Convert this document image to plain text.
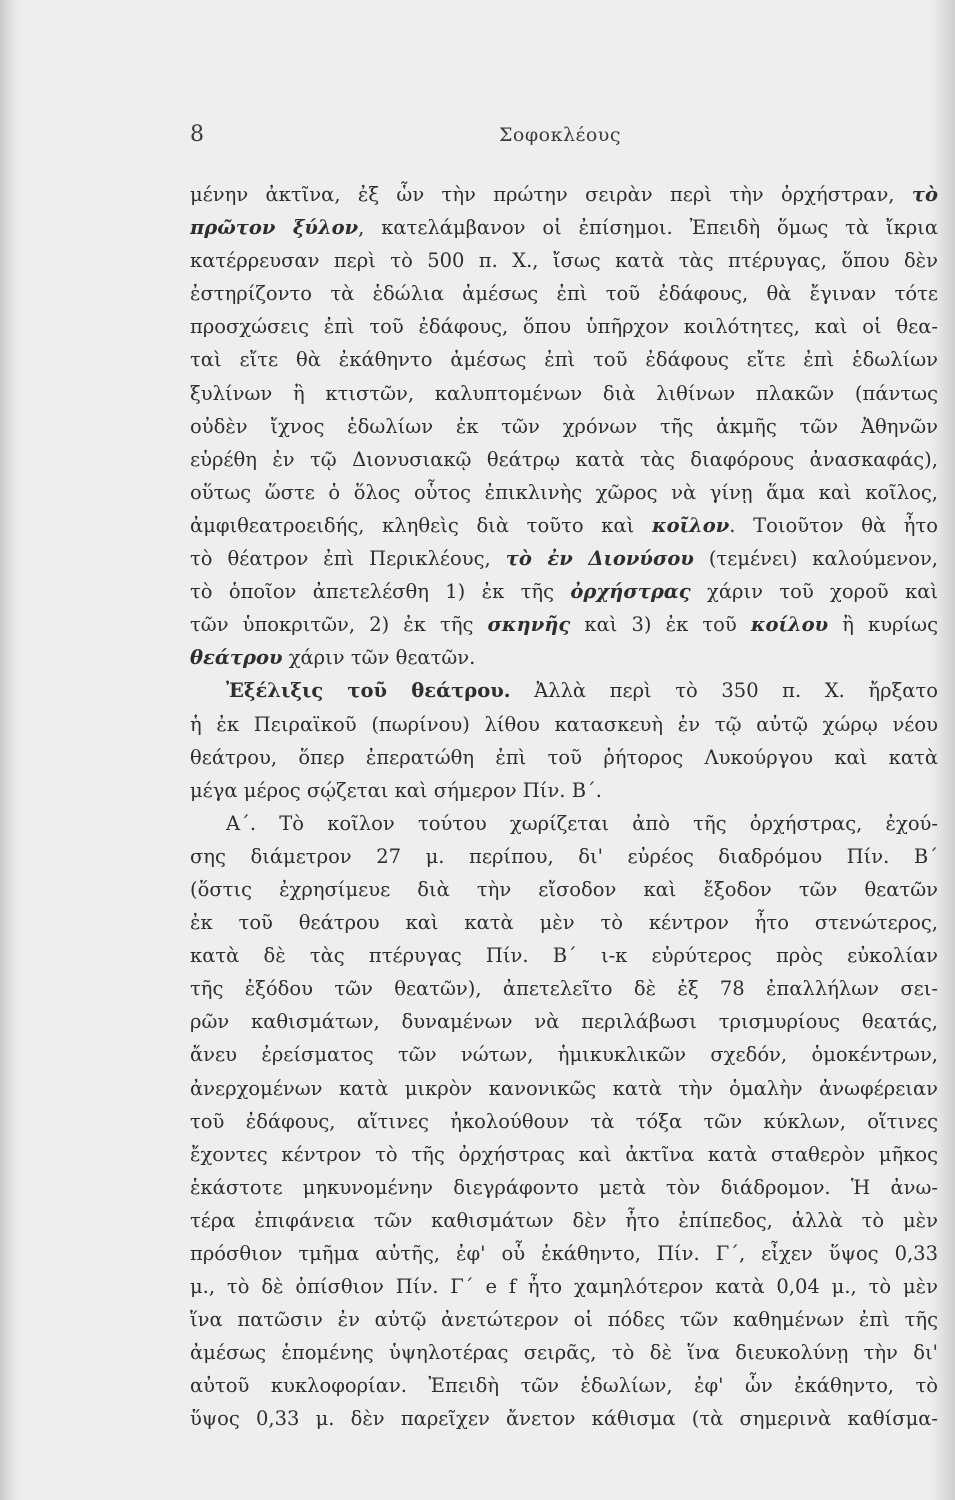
8	Σοφοκλέους
μένην ἀκτῖνα, ἐξ ὧν τὴν πρώτην σειρὰν περὶ τὴν ὀρχήστραν, τὸ
πρῶτον ξύλον, κατελάμβανον οἱ ἐπίσημοι. Ἐπειδὴ ὅμως τὰ ἴκρια
κατέρρευσαν περὶ τὸ 500 π. Χ., ἴσως κατὰ τὰς πτέρυγας, ὅπου δὲν
ἐστηρίζοντο τὰ ἑδώλια ἀμέσως ἐπὶ τοῦ ἐδάφους, θὰ ἔγιναν τότε
προσχώσεις ἐπὶ τοῦ ἐδάφους, ὅπου ὑπῆρχον κοιλότητες, καὶ οἱ θεα-
ταὶ εἴτε θὰ ἐκάθηντο ἀμέσως ἐπὶ τοῦ ἐδάφους εἴτε ἐπὶ ἑδωλίων
ξυλίνων ἢ κτιστῶν, καλυπτομένων διὰ λιθίνων πλακῶν (πάντως
οὐδὲν ἴχνος ἑδωλίων ἐκ τῶν χρόνων τῆς ἀκμῆς τῶν Ἀθηνῶν
εὑρέθη ἐν τῷ Διονυσιακῷ θεάτρῳ κατὰ τὰς διαφόρους ἀνασκαφάς),
οὕτως ὥστε ὁ ὅλος οὗτος ἐπικλινὴς χῶρος νὰ γίνῃ ἅμα καὶ κοῖλος,
ἀμφιθεατροειδής, κληθεὶς διὰ τοῦτο καὶ κοῖλον. Τοιοῦτον θὰ ἦτο
τὸ θέατρον ἐπὶ Περικλέους, τὸ ἐν Διονύσου (τεμένει) καλούμενον,
τὸ ὁποῖον ἀπετελέσθη 1) ἐκ τῆς ὀρχήστρας χάριν τοῦ χοροῦ καὶ
τῶν ὑποκριτῶν, 2) ἐκ τῆς σκηνῆς καὶ 3) ἐκ τοῦ κοίλου ἢ κυρίως
θεάτρου χάριν τῶν θεατῶν.
Ἐξέλιξις τοῦ θεάτρου. Ἀλλὰ περὶ τὸ 350 π. Χ. ἤρξατο
ἡ ἐκ Πειραϊκοῦ (πωρίνου) λίθου κατασκευὴ ἐν τῷ αὐτῷ χώρῳ νέου
θεάτρου, ὅπερ ἐπερατώθη ἐπὶ τοῦ ῥήτορος Λυκούργου καὶ κατὰ
μέγα μέρος σῴζεται καὶ σήμερον Πίν. Β΄.
Α΄. Τὸ κοῖλον τούτου χωρίζεται ἀπὸ τῆς ὀρχήστρας, ἐχού-
σης διάμετρον 27 μ. περίπου, δι' εὐρέος διαδρόμου Πίν. Β΄
(ὅστις ἐχρησίμευε διὰ τὴν εἴσοδον καὶ ἔξοδον τῶν θεατῶν
ἐκ τοῦ θεάτρου καὶ κατὰ μὲν τὸ κέντρον ἦτο στενώτερος,
κατὰ δὲ τὰς πτέρυγας Πίν. Β΄ ι-κ εὐρύτερος πρὸς εὐκολίαν
τῆς ἐξόδου τῶν θεατῶν), ἀπετελεῖτο δὲ ἐξ 78 ἐπαλλήλων σει-
ρῶν καθισμάτων, δυναμένων νὰ περιλάβωσι τρισμυρίους θεατάς,
ἄνευ ἐρείσματος τῶν νώτων, ἡμικυκλικῶν σχεδόν, ὁμοκέντρων,
ἀνερχομένων κατὰ μικρὸν κανονικῶς κατὰ τὴν ὁμαλὴν ἀνωφέρειαν
τοῦ ἐδάφους, αἵτινες ἠκολούθουν τὰ τόξα τῶν κύκλων, οἵτινες
ἔχοντες κέντρον τὸ τῆς ὀρχήστρας καὶ ἀκτῖνα κατὰ σταθερὸν μῆκος
ἑκάστοτε μηκυνομένην διεγράφοντο μετὰ τὸν διάδρομον. Ἡ ἀνω-
τέρα ἐπιφάνεια τῶν καθισμάτων δὲν ἦτο ἐπίπεδος, ἀλλὰ τὸ μὲν
πρόσθιον τμῆμα αὐτῆς, ἐφ' οὗ ἐκάθηντο, Πίν. Γ΄, εἶχεν ὕψος 0,33
μ., τὸ δὲ ὀπίσθιον Πίν. Γ΄ e f ἦτο χαμηλότερον κατὰ 0,04 μ., τὸ μὲν
ἵνα πατῶσιν ἐν αὐτῷ ἀνετώτερον οἱ πόδες τῶν καθημένων ἐπὶ τῆς
ἀμέσως ἑπομένης ὑψηλοτέρας σειρᾶς, τὸ δὲ ἵνα διευκολύνῃ τὴν δι'
αὐτοῦ κυκλοφορίαν. Ἐπειδὴ τῶν ἑδωλίων, ἐφ' ὧν ἐκάθηντο, τὸ
ὕψος 0,33 μ. δὲν παρεῖχεν ἄνετον κάθισμα (τὰ σημερινὰ καθίσμα-
